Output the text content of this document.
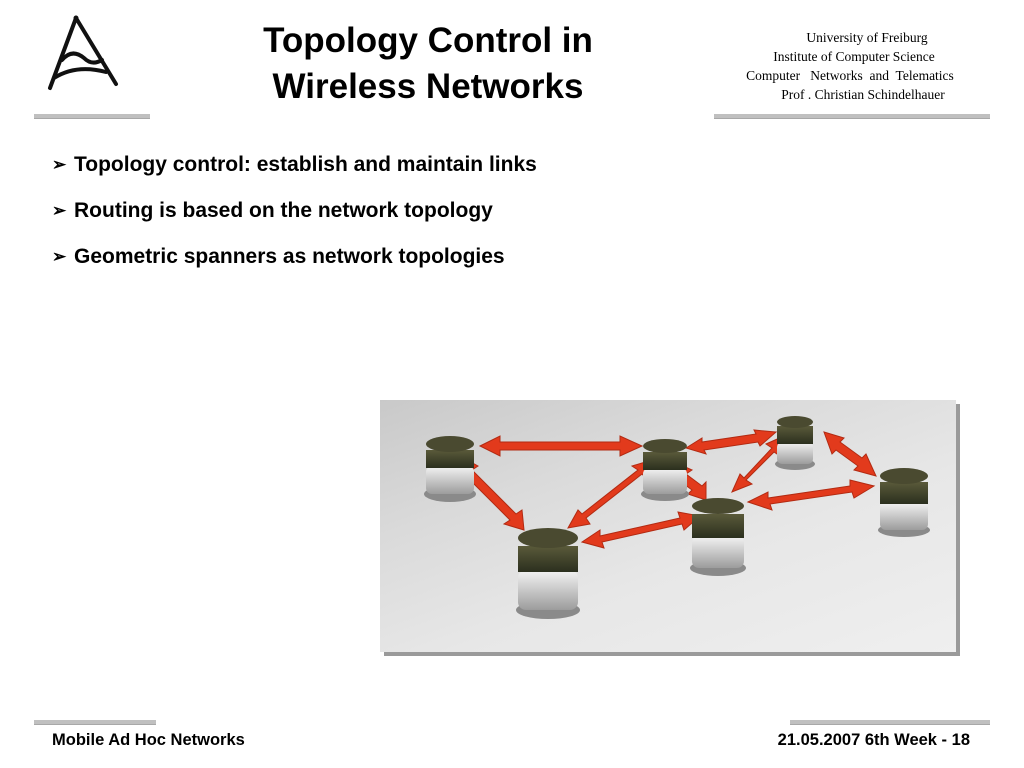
Topology Control in
Wireless Networks
University of Freiburg
Institute of Computer Science
Computer   Networks  and  Telematics
Prof . Christian Schindelhauer
➢ Topology control: establish and maintain links
➢ Routing is based on the network topology
➢ Geometric spanners as network topologies
Mobile Ad Hoc Networks	21.05.2007 6th Week - 18
